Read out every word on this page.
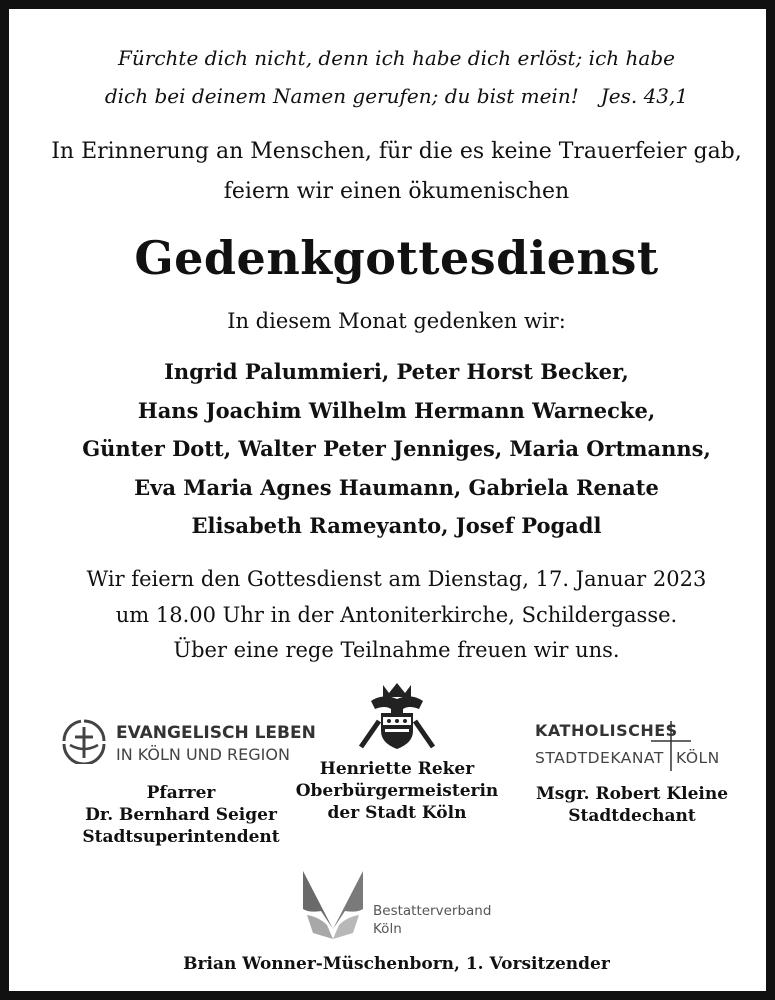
Fürchte dich nicht, denn ich habe dich erlöst; ich habe
dich bei deinem Namen gerufen; du bist mein! Jes. 43,1
In Erinnerung an Menschen, für die es keine Trauerfeier gab,
feiern wir einen ökumenischen
Gedenkgottesdienst
In diesem Monat gedenken wir:
Ingrid Palummieri, Peter Horst Becker,
Hans Joachim Wilhelm Hermann Warnecke,
Günter Dott, Walter Peter Jenniges, Maria Ortmanns,
Eva Maria Agnes Haumann, Gabriela Renate
Elisabeth Rameyanto, Josef Pogadl
Wir feiern den Gottesdienst am Dienstag, 17. Januar 2023
um 18.00 Uhr in der Antoniterkirche, Schildergasse.
Über eine rege Teilnahme freuen wir uns.
EVANGELISCH LEBEN
IN KÖLN UND REGION
KATHOLISCHES
STADTDEKANAT KÖLN
Pfarrer
Dr. Bernhard Seiger
Stadtsuperintendent
Henriette Reker
Oberbürgermeisterin
der Stadt Köln
Msgr. Robert Kleine
Stadtdechant
Bestatterverband
Köln
Brian Wonner-Müschenborn, 1. Vorsitzender
